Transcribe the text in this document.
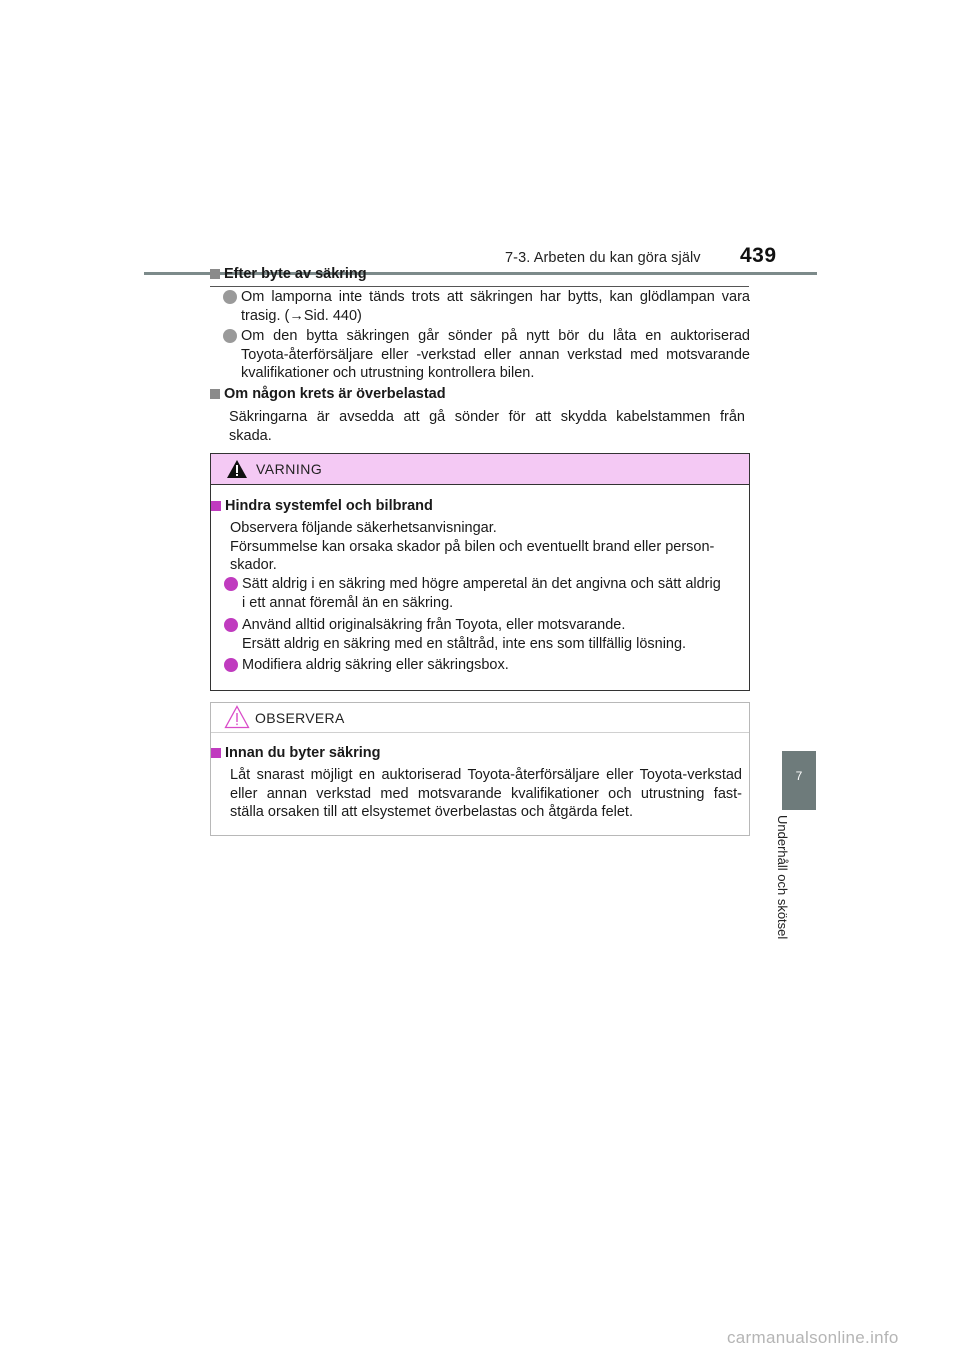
7-3. Arbeten du kan göra själv 439
7
Underhåll och skötsel
Efter byte av säkring
Om lamporna inte tänds trots att säkringen har bytts, kan glödlampan vara
trasig. (→Sid. 440)
Om den bytta säkringen går sönder på nytt bör du låta en auktoriserad
Toyota-återförsäljare eller -verkstad eller annan verkstad med motsvarande
kvalifikationer och utrustning kontrollera bilen.
Om någon krets är överbelastad
Säkringarna är avsedda att gå sönder för att skydda kabelstammen från
skada.
VARNING
Hindra systemfel och bilbrand
Observera följande säkerhetsanvisningar.
Försummelse kan orsaka skador på bilen och eventuellt brand eller person-
skador.
Sätt aldrig i en säkring med högre amperetal än det angivna och sätt aldrig
i ett annat föremål än en säkring.
Använd alltid originalsäkring från Toyota, eller motsvarande.
Ersätt aldrig en säkring med en ståltråd, inte ens som tillfällig lösning.
Modifiera aldrig säkring eller säkringsbox.
OBSERVERA
Innan du byter säkring
Låt snarast möjligt en auktoriserad Toyota-återförsäljare eller Toyota-verkstad
eller annan verkstad med motsvarande kvalifikationer och utrustning fast-
ställa orsaken till att elsystemet överbelastas och åtgärda felet.
carmanualsonline.info
